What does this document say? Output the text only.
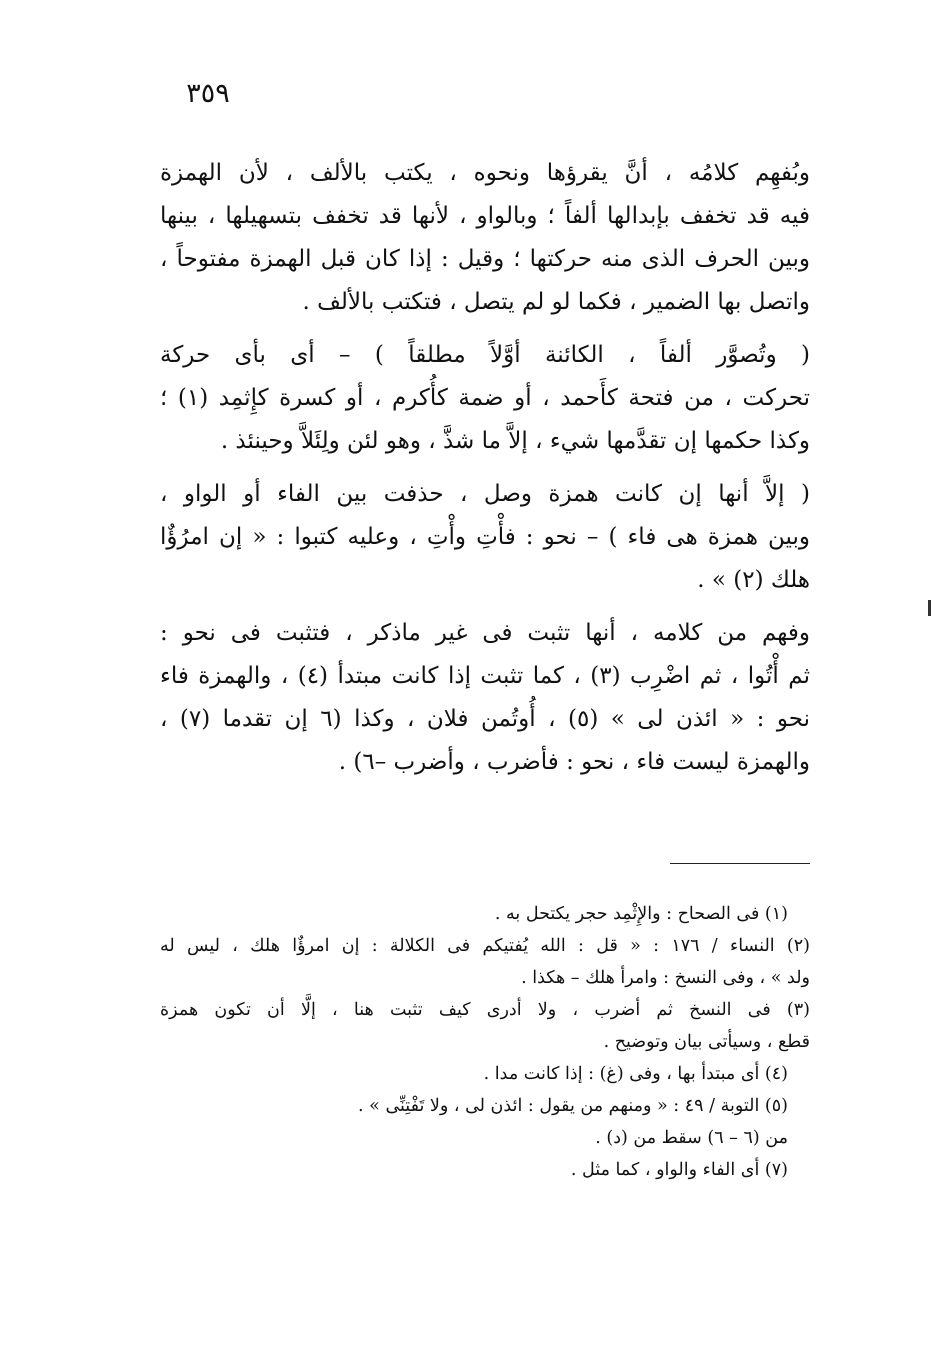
٣٥٩
وبُفهِم كلامُه ، أنَّ يقرؤها ونحوه ، يكتب بالألف ، لأن الهمزة
فيه قد تخفف بإبدالها ألفاً ؛ وبالواو ، لأنها قد تخفف بتسهيلها ، بينها
وبين الحرف الذى منه حركتها ؛ وقيل : إذا كان قبل الهمزة مفتوحاً ،
واتصل بها الضمير ، فكما لو لم يتصل ، فتكتب بالألف .
( وتُصوَّر ألفاً ، الكائنة أوَّلاً مطلقاً ) – أى بأى حركة
تحركت ، من فتحة كأَحمد ، أو ضمة كأُكرم ، أو كسرة كإِثمِد (١) ؛
وكذا حكمها إن تقدَّمها شيء ، إلاَّ ما شذَّ ، وهو لئن ولِئَلاَّ وحينئذ .
( إلاَّ أنها إن كانت همزة وصل ، حذفت بين الفاء أو الواو ،
وبين همزة هى فاء ) – نحو : فأْتِ وأْتِ ، وعليه كتبوا : « إن امرُؤٌا
هلك (٢) » .
وفهم من كلامه ، أنها تثبت فى غير ماذكر ، فتثبت فى نحو :
ثم أْتُوا ، ثم اضْرِب (٣) ، كما تثبت إذا كانت مبتدأ (٤) ، والهمزة فاء
نحو : « ائذن لى » (٥) ، أُوتُمن فلان ، وكذا (٦ إن تقدما (٧) ،
والهمزة ليست فاء ، نحو : فأضرب ، وأضرب –٦) .
(١) فى الصحاح : والإِثْمِد حجر يكتحل به .
(٢) النساء / ١٧٦ : « قل : الله يُفتيكم فى الكلالة : إن امرؤٌا هلك ، ليس له
ولد » ، وفى النسخ : وامرأ هلك – هكذا .
(٣) فى النسخ ثم أضرب ، ولا أدرى كيف تثبت هنا ، إلَّا أن تكون همزة
قطع ، وسيأتى بيان وتوضيح .
(٤) أى مبتدأ بها ، وفى (غ) : إذا كانت مدا .
(٥) التوبة / ٤٩ : « ومنهم من يقول : ائذن لى ، ولا تَفْتِنِّى » .
من (٦ – ٦) سقط من (د) .
(٧) أى الفاء والواو ، كما مثل .
